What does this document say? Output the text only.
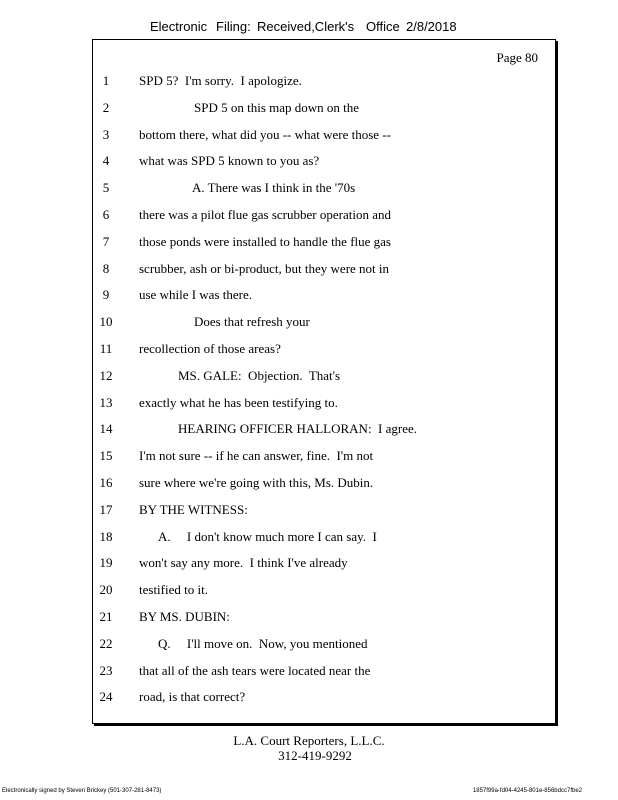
Electronic Filing: Received,Clerk's Office 2/8/2018
Page 80
1	SPD 5?  I'm sorry.  I apologize.
2	SPD 5 on this map down on the
3	bottom there, what did you -- what were those --
4	what was SPD 5 known to you as?
5	A. There was I think in the '70s
6	there was a pilot flue gas scrubber operation and
7	those ponds were installed to handle the flue gas
8	scrubber, ash or bi-product, but they were not in
9	use while I was there.
10	Does that refresh your
11 recollection of those areas?
12	MS. GALE:  Objection.  That's
13 exactly what he has been testifying to.
14	HEARING OFFICER HALLORAN:  I agree.
15 I'm not sure -- if he can answer, fine.  I'm not
16 sure where we're going with this, Ms. Dubin.
17 BY THE WITNESS:
18	A.     I don't know much more I can say.  I
19 won't say any more.  I think I've already
20 testified to it.
21 BY MS. DUBIN:
22	Q.     I'll move on.  Now, you mentioned
23 that all of the ash tears were located near the
24 road, is that correct?
L.A. Court Reporters, L.L.C.
312-419-9292
Electronically signed by Steven Brickey (501-307-281-8473)	1857f99a-fd04-4245-801e-856bdcc7fbe2
